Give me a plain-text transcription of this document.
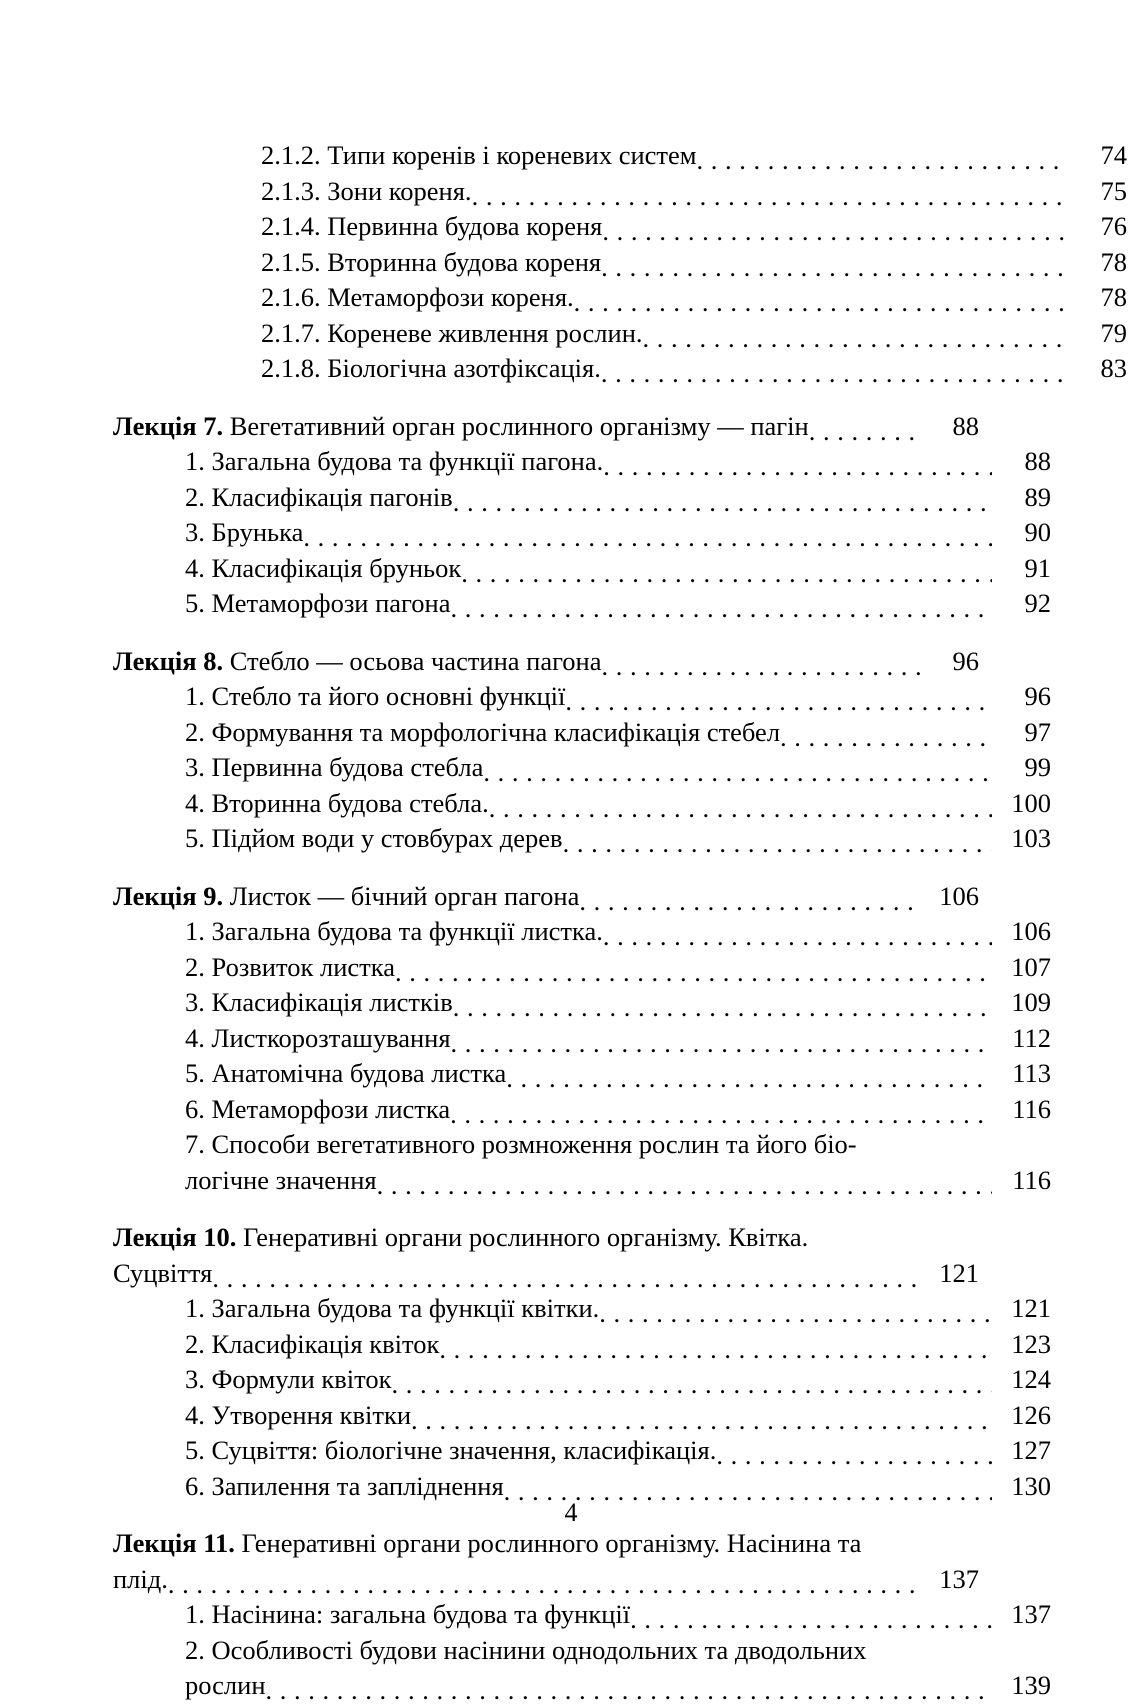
2.1.2. Типи коренів і кореневих систем . . .	74
2.1.3. Зони кореня. . . .	75
2.1.4. Первинна будова кореня . . .	76
2.1.5. Вторинна будова кореня . . .	78
2.1.6. Метаморфози кореня. . . .	78
2.1.7. Кореневе живлення рослин. . . .	79
2.1.8. Біологічна азотфіксація. . . .	83
Лекція 7. Вегетативний орган рослинного організму — пагін . . .	88
1. Загальна будова та функції пагона. . . .	88
2. Класифікація пагонів . . .	89
3. Брунька . . .	90
4. Класифікація бруньок . . .	91
5. Метаморфози пагона . . .	92
Лекція 8. Стебло — осьова частина пагона . . .	96
1. Стебло та його основні функції . . .	96
2. Формування та морфологічна класифікація стебел . . .	97
3. Первинна будова стебла . . .	99
4. Вторинна будова стебла. . . .	100
5. Підйом води у стовбурах дерев . . .	103
Лекція 9. Листок — бічний орган пагона . . .	106
1. Загальна будова та функції листка. . . .	106
2. Розвиток листка . . .	107
3. Класифікація листків . . .	109
4. Листкорозташування . . .	112
5. Анатомічна будова листка . . .	113
6. Метаморфози листка . . .	116
7. Способи вегетативного розмноження рослин та його біо-
логічне значення . . .	116
Лекція 10. Генеративні органи рослинного організму. Квітка.
Суцвіття . . .	121
1. Загальна будова та функції квітки. . . .	121
2. Класифікація квіток . . .	123
3. Формули квіток . . .	124
4. Утворення квітки . . .	126
5. Суцвіття: біологічне значення, класифікація. . . .	127
6. Запилення та запліднення . . .	130
Лекція 11. Генеративні органи рослинного організму. Насінина та
плід. . . .	137
1. Насінина: загальна будова та функції . . .	137
2. Особливості будови насінини однодольних та дводольних
рослин . . .	139
4
